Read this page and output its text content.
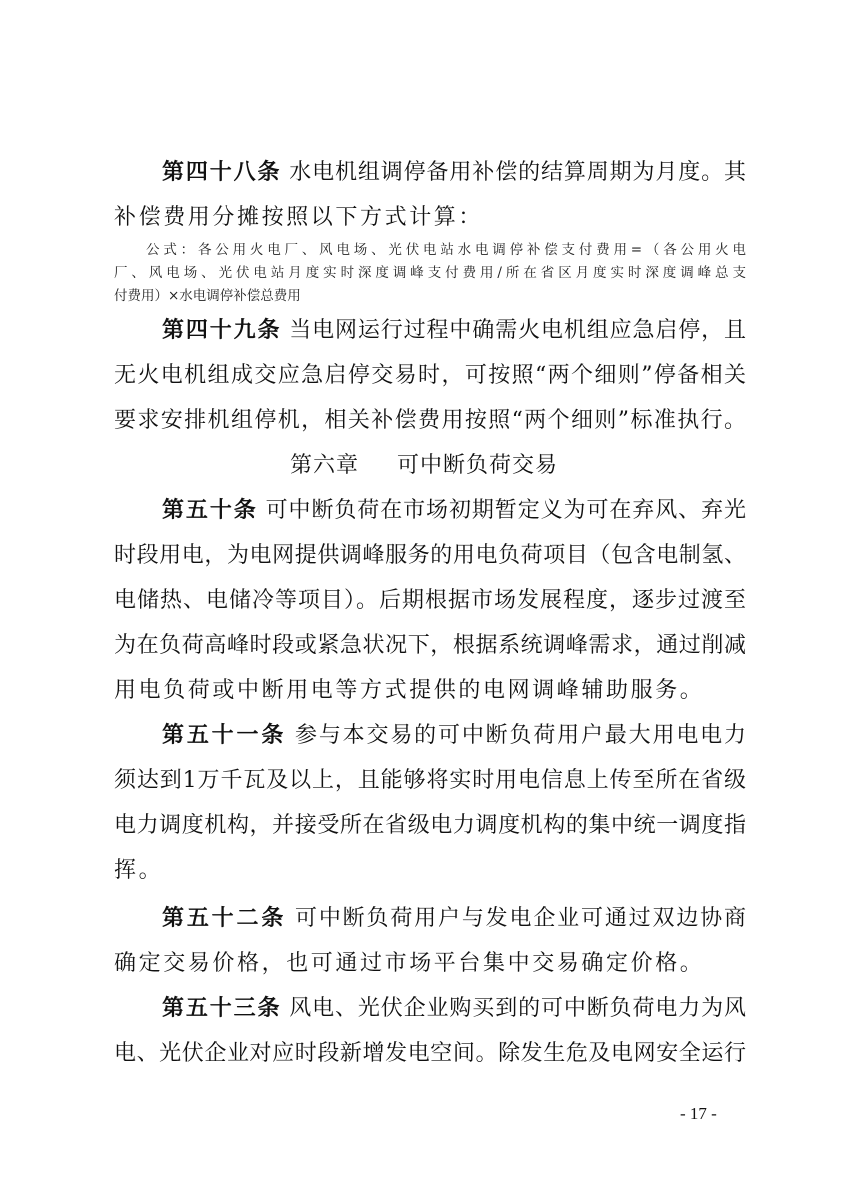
第四十八条 水电机组调停备用补偿的结算周期为月度。其
补偿费用分摊按照以下方式计算：
公式：各公用火电厂、风电场、光伏电站水电调停补偿支付费用=（各公用火电
厂、风电场、光伏电站月度实时深度调峰支付费用/所在省区月度实时深度调峰总支
付费用）×水电调停补偿总费用
第四十九条 当电网运行过程中确需火电机组应急启停，且
无火电机组成交应急启停交易时，可按照“两个细则”停备相关
要求安排机组停机，相关补偿费用按照“两个细则”标准执行。
第六章 可中断负荷交易
第五十条 可中断负荷在市场初期暂定义为可在弃风、弃光
时段用电，为电网提供调峰服务的用电负荷项目（包含电制氢、
电储热、电储冷等项目）。后期根据市场发展程度，逐步过渡至
为在负荷高峰时段或紧急状况下，根据系统调峰需求，通过削减
用电负荷或中断用电等方式提供的电网调峰辅助服务。
第五十一条 参与本交易的可中断负荷用户最大用电电力
须达到1万千瓦及以上，且能够将实时用电信息上传至所在省级
电力调度机构，并接受所在省级电力调度机构的集中统一调度指
挥。
第五十二条 可中断负荷用户与发电企业可通过双边协商
确定交易价格，也可通过市场平台集中交易确定价格。
第五十三条 风电、光伏企业购买到的可中断负荷电力为风
电、光伏企业对应时段新增发电空间。除发生危及电网安全运行
- 17 -
